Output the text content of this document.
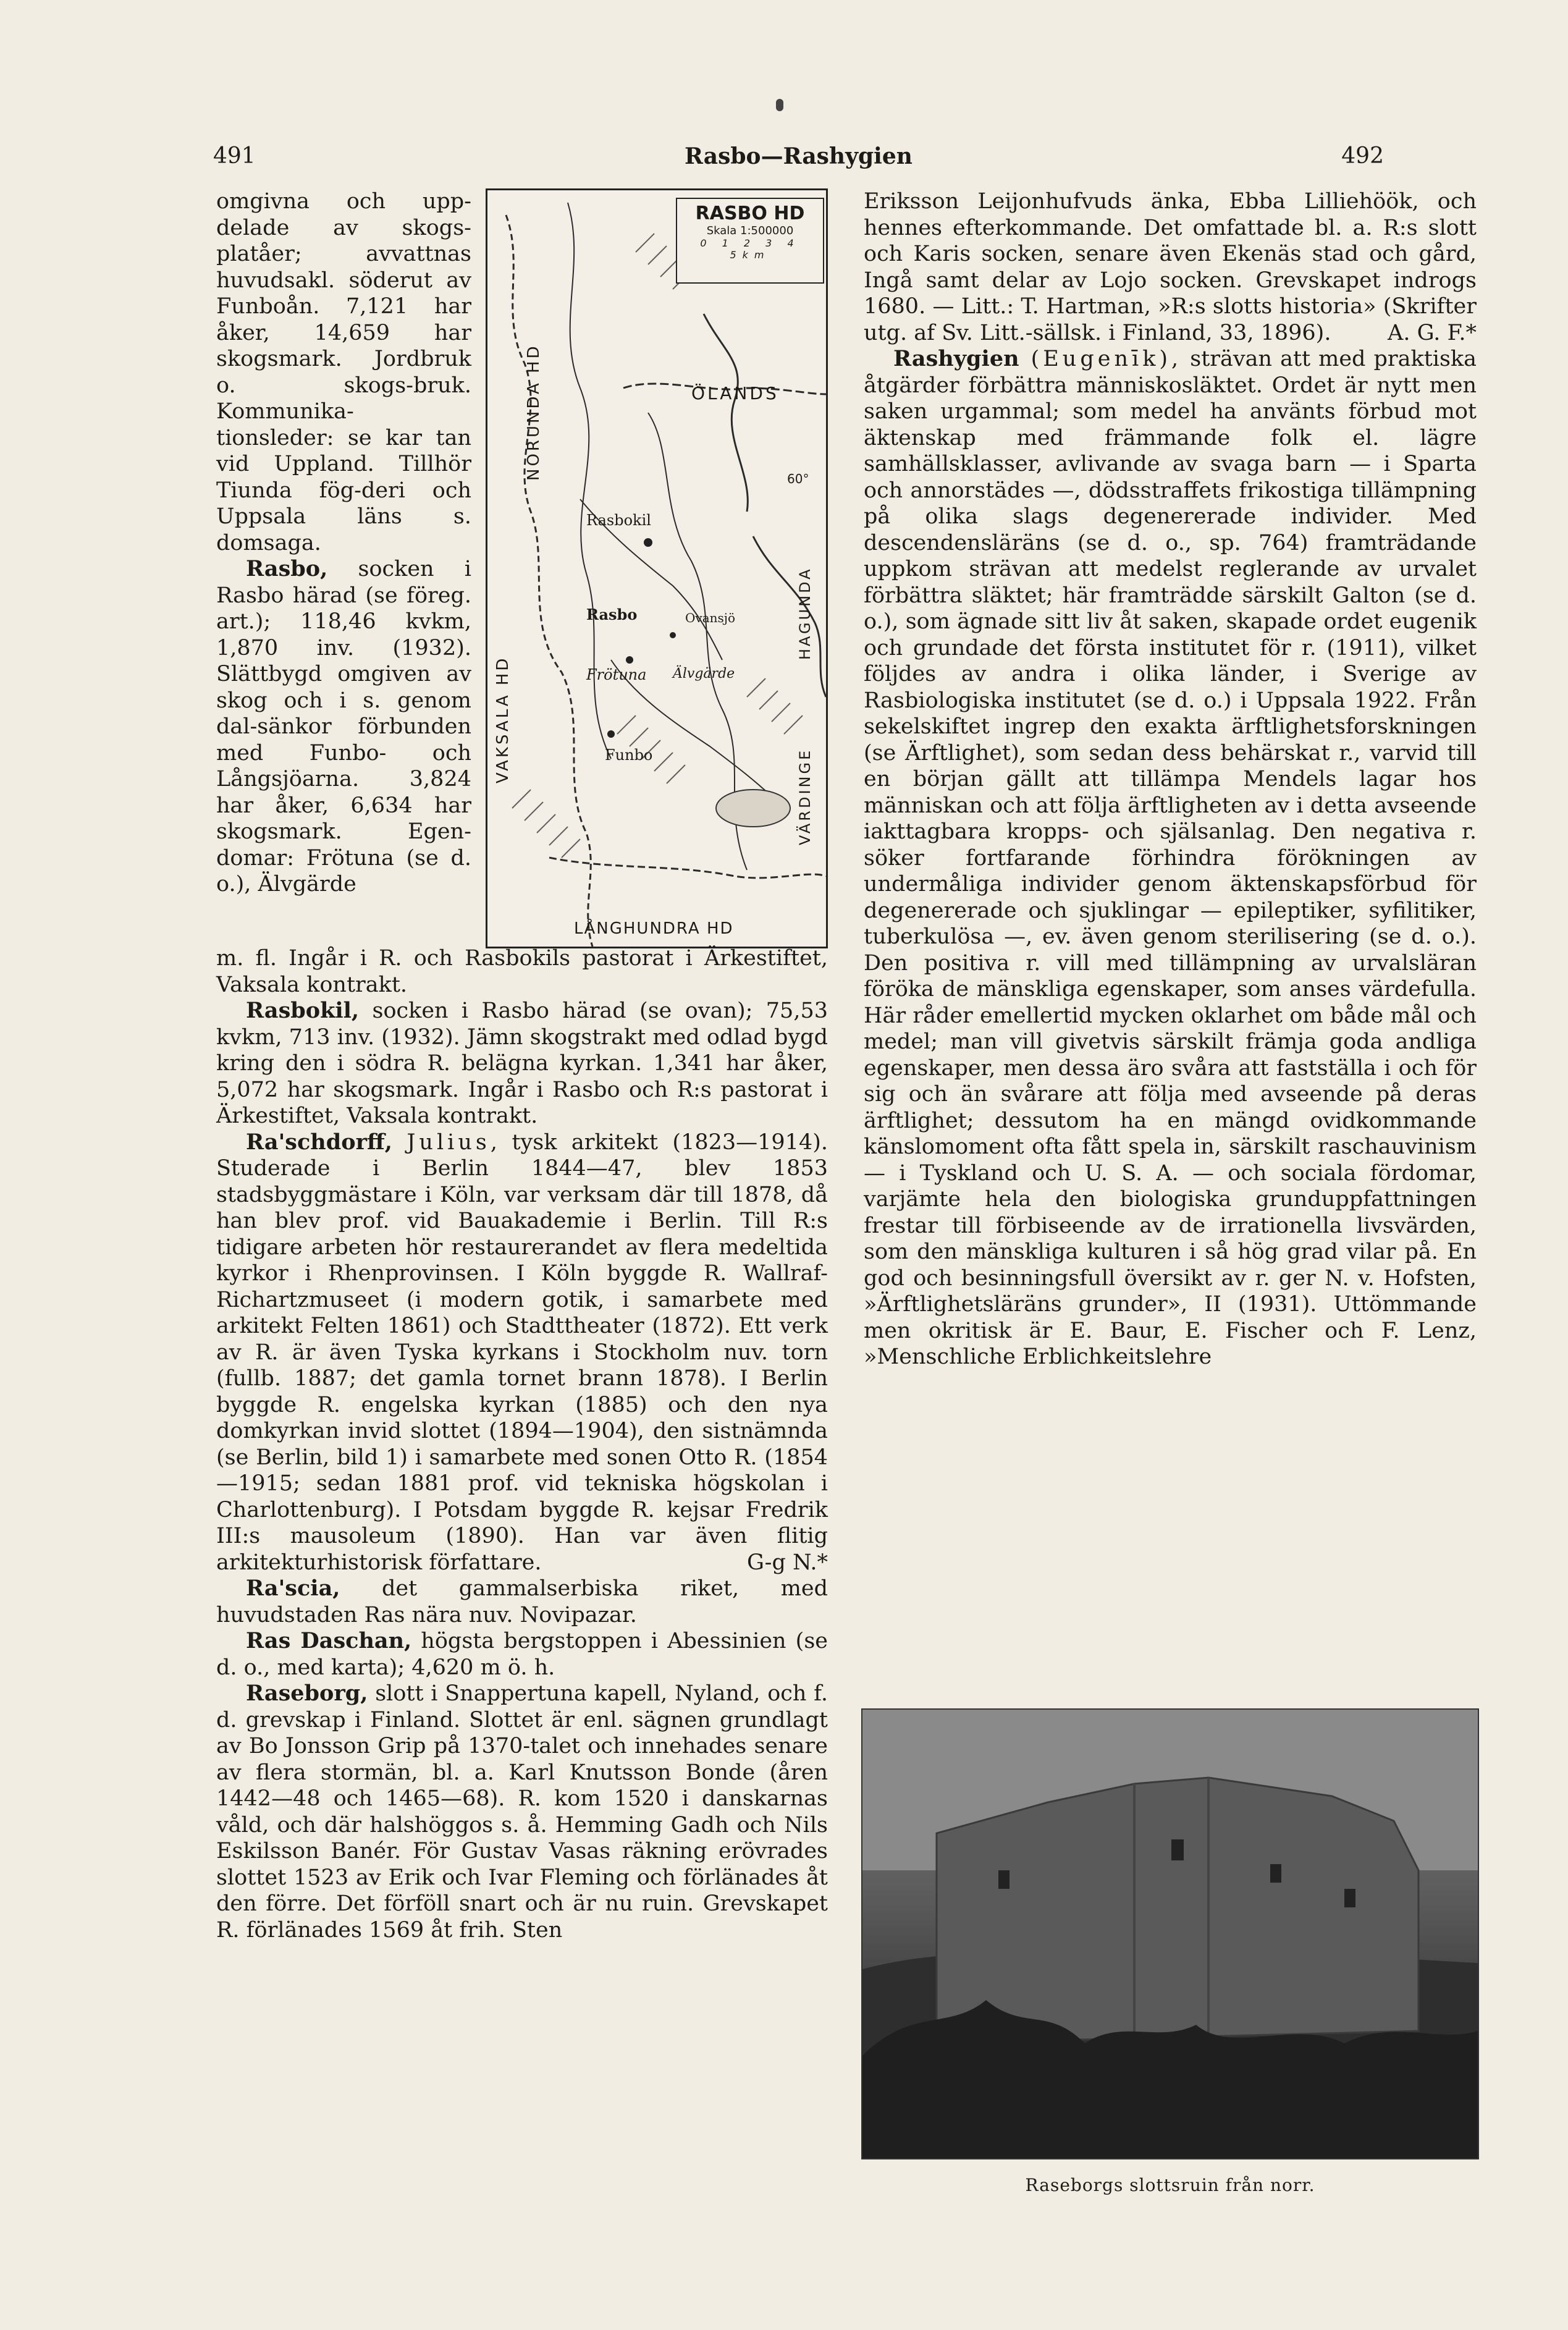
491	Rasbo—Rashygien	492

omgivna och upp-delade av skogs-platåer; avvattnas huvudsakl. söderut av Funboån. 7,121 har åker, 14,659 har skogsmark. Jordbruk o. skogs-bruk. Kommunika-tionsleder: se kar tan vid Uppland. Tillhör Tiunda fög-deri och Uppsala läns s. domsaga.

Rasbo, socken i Rasbo härad (se föreg. art.); 118,46 kvkm, 1,870 inv. (1932). Slättbygd omgiven av skog och i s. genom dal-sänkor förbunden med Funbo- och Långsjöarna. 3,824 har åker, 6,634 har skogsmark. Egen-domar: Frötuna (se d. o.), Älvgärde

RASBO HD
Skala 1:500000
0 1 2 3 4 5km
ÖLANDS
LÅNGHUNDRA HD
60°
VAKSALA HD
NORUNDA HD
VÄRDINGE
HAGUNDA
Rasbokil
Rasbo
Frötuna Älvgärde
Funbo
Ovansjö

m. fl. Ingår i R. och Rasbokils pastorat i Ärkestiftet, Vaksala kontrakt.

Rasbokil, socken i Rasbo härad (se ovan); 75,53 kvkm, 713 inv. (1932). Jämn skogstrakt med odlad bygd kring den i södra R. belägna kyrkan. 1,341 har åker, 5,072 har skogsmark. Ingår i Rasbo och R:s pastorat i Ärkestiftet, Vaksala kontrakt.

Ra'schdorff, Julius, tysk arkitekt (1823—1914). Studerade i Berlin 1844—47, blev 1853 stadsbyggmästare i Köln, var verksam där till 1878, då han blev prof. vid Bauakademie i Berlin. Till R:s tidigare arbeten hör restaurerandet av flera medeltida kyrkor i Rhenprovinsen. I Köln byggde R. Wallraf-Richartzmuseet (i modern gotik, i samarbete med arkitekt Felten 1861) och Stadttheater (1872). Ett verk av R. är även Tyska kyrkans i Stockholm nuv. torn (fullb. 1887; det gamla tornet brann 1878). I Berlin byggde R. engelska kyrkan (1885) och den nya domkyrkan invid slottet (1894—1904), den sistnämnda (se Berlin, bild 1) i samarbete med sonen Otto R. (1854—1915; sedan 1881 prof. vid tekniska högskolan i Charlottenburg). I Potsdam byggde R. kejsar Fredrik III:s mausoleum (1890). Han var även flitig arkitekturhistorisk författare.	G-g N.*

Ra'scia, det gammalserbiska riket, med huvudstaden Ras nära nuv. Novipazar.

Ras Daschan, högsta bergstoppen i Abessinien (se d. o., med karta); 4,620 m ö. h.

Raseborg, slott i Snappertuna kapell, Nyland, och f. d. grevskap i Finland. Slottet är enl. sägnen grundlagt av Bo Jonsson Grip på 1370-talet och innehades senare av flera stormän, bl. a. Karl Knutsson Bonde (åren 1442—48 och 1465—68). R. kom 1520 i danskarnas våld, och där halshöggos s. å. Hemming Gadh och Nils Eskilsson Banér. För Gustav Vasas räkning erövrades slottet 1523 av Erik och Ivar Fleming och förlänades åt den förre. Det förföll snart och är nu ruin. Grevskapet R. förlänades 1569 åt frih. Sten

Eriksson Leijonhufvuds änka, Ebba Lilliehöök, och hennes efterkommande. Det omfattade bl. a. R:s slott och Karis socken, senare även Ekenäs stad och gård, Ingå samt delar av Lojo socken. Grevskapet indrogs 1680. — Litt.: T. Hartman, »R:s slotts historia» (Skrifter utg. af Sv. Litt.-sällsk. i Finland, 33, 1896).	A. G. F.*

Rashygien (Eugenīk), strävan att med praktiska åtgärder förbättra människosläktet. Ordet är nytt men saken urgammal; som medel ha använts förbud mot äktenskap med främmande folk el. lägre samhällsklasser, avlivande av svaga barn — i Sparta och annorstädes —, dödsstraffets frikostiga tillämpning på olika slags degenererade individer. Med descendensläräns (se d. o., sp. 764) framträdande uppkom strävan att medelst reglerande av urvalet förbättra släktet; här framträdde särskilt Galton (se d. o.), som ägnade sitt liv åt saken, skapade ordet eugenik och grundade det första institutet för r. (1911), vilket följdes av andra i olika länder, i Sverige av Rasbiologiska institutet (se d. o.) i Uppsala 1922. Från sekelskiftet ingrep den exakta ärftlighetsforskningen (se Ärftlighet), som sedan dess behärskat r., varvid till en början gällt att tillämpa Mendels lagar hos människan och att följa ärftligheten av i detta avseende iakttagbara kropps- och själsanlag. Den negativa r. söker fortfarande förhindra förökningen av undermåliga individer genom äktenskapsförbud för degenererade och sjuklingar — epileptiker, syfilitiker, tuberkulösa —, ev. även genom sterilisering (se d. o.). Den positiva r. vill med tillämpning av urvalsläran föröka de mänskliga egenskaper, som anses värdefulla. Här råder emellertid mycken oklarhet om både mål och medel; man vill givetvis särskilt främja goda andliga egenskaper, men dessa äro svåra att fastställa i och för sig och än svårare att följa med avseende på deras ärftlighet; dessutom ha en mängd ovidkommande känslomoment ofta fått spela in, särskilt raschauvinism — i Tyskland och U. S. A. — och sociala fördomar, varjämte hela den biologiska grunduppfattningen frestar till förbiseende av de irrationella livsvärden, som den mänskliga kulturen i så hög grad vilar på. En god och besinningsfull översikt av r. ger N. v. Hofsten, »Ärftlighetsläräns grunder», II (1931). Uttömmande men okritisk är E. Baur, E. Fischer och F. Lenz, »Menschliche Erblichkeitslehre

Raseborgs slottsruin från norr.
